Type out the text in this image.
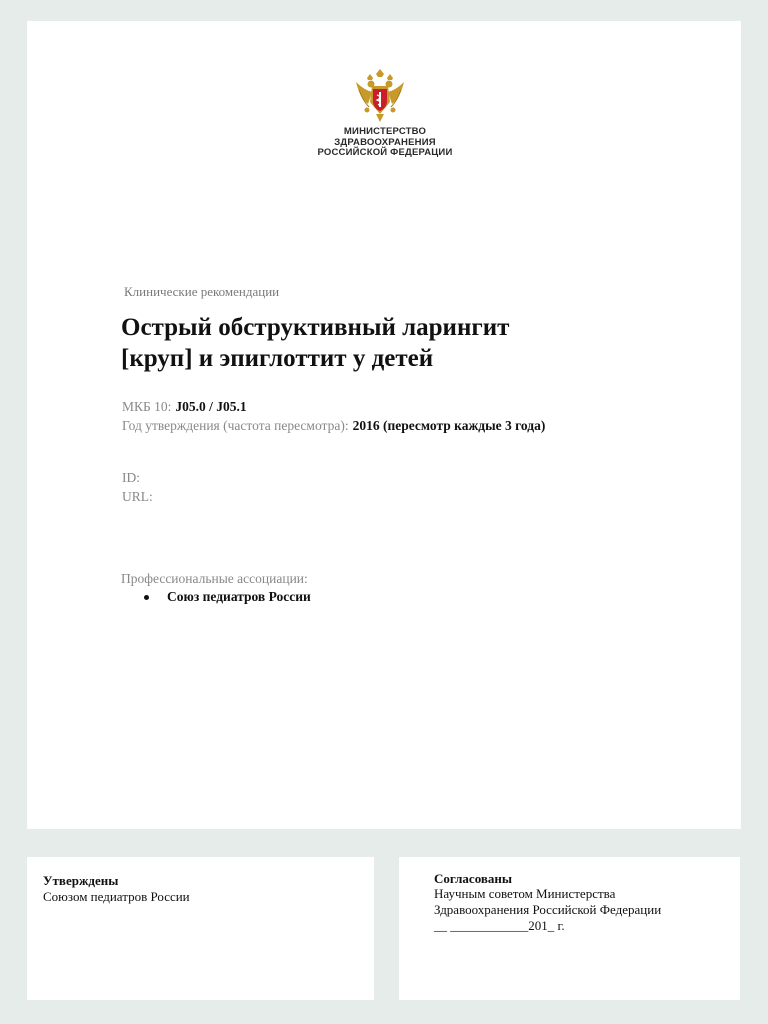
МИНИСТЕРСТВО
ЗДРАВООХРАНЕНИЯ
РОССИЙСКОЙ ФЕДЕРАЦИИ
Клинические рекомендации
Острый обструктивный ларингит
[круп] и эпиглоттит у детей
МКБ 10: J05.0 / J05.1
Год утверждения (частота пересмотра): 2016 (пересмотр каждые 3 года)
ID:
URL:
Профессиональные ассоциации:
Союз педиатров России
Утверждены
Союзом педиатров России
Согласованы
Научным советом Министерства
Здравоохранения Российской Федерации
__ ____________201_ г.
